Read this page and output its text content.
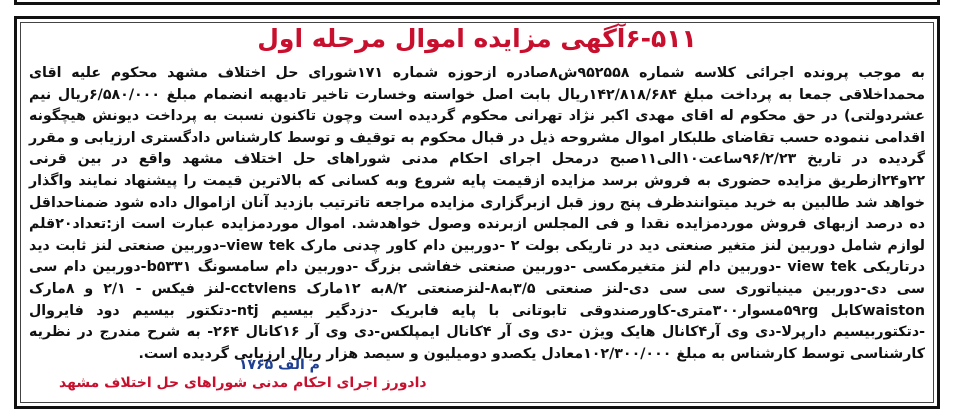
۶-۵۱۱آگهی مزایده اموال مرحله اول

به موجب پرونده اجرائی کلاسه شماره ۹۵۲۵۵۸ش۸صادره ازحوزه شماره ۱۷۱شورای حل اختلاف مشهد محکوم علیه اقای محمداخلاقی جمعا به پرداخت مبلغ ۱۴۲/۸۱۸/۶۸۴ریال بابت اصل خواسته وخسارت تاخیر تادیهبه انضمام مبلغ ۶/۵۸۰/۰۰۰ریال نیم عشردولتی) در حق محکوم له اقای مهدی اکبر نژاد تهرانی محکوم گردیده است وچون تاکنون نسبت به پرداخت دیونش هیچگونه اقدامی ننموده حسب تقاضای طلبکار اموال مشروحه ذیل در قبال محکوم به توقیف و توسط کارشناس دادگستری ارزیابی و مقرر گردیده در تاریخ ۹۶/۲/۲۳ساعت۱۰الی۱۱صبح درمحل اجرای احکام مدنی شوراهای حل اختلاف مشهد واقع در بین قرنی ۲۲و۲۴ازطریق مزایده حضوری به فروش برسد مزایده ازقیمت پایه شروع وبه کسانی که بالاترین قیمت را پیشنهاد نمایند واگذار خواهد شد طالبین به خرید میتوانندظرف پنج روز قبل ازبرگزاری مزایده مراجعه تاترتیب بازدید آنان ازاموال داده شود ضمناحداقل ده درصد ازبهای فروش موردمزایده نقدا و فی المجلس ازبرنده وصول خواهدشد. اموال موردمزایده عبارت است از:تعداد۲۰قلم لوازم شامل دوربین لنز متغیر صنعتی دید در تاریکی بولت ۲ -دوربین دام کاور چدنی مارک view tek–دوربین صنعتی لنز ثابت دید درتاریکی view tek -دوربین دام لنز متغیرمکسی -دوربین صنعتی خفاشی بزرگ -دوربین دام سامسونگ b۵۳۳۱-دوربین دام سی سی دی-دوربین مینیاتوری سی سی دی-لنز صنعتی ۳/۵به۸-لنزصنعتی ۸/۲به ۱۲مارک cctvlens-لنز فیکس - ۲/۱ و ۸مارک waistonکابل ۵۹rgمسوار۳۰۰متری-کاورصندوقی تابوتانی با پایه فابریک -دزدگیر بیسیم ntj-دتکتور بیسیم دود فایروال -دتکتوربیسیم دارپرلا-دی وی آر۴کانال هایک ویژن -دی وی آر ۴کانال ایمپلکس-دی وی آر ۱۶کانال ۲۶۴- به شرح مندرج در نظریه کارشناسی توسط کارشناس به مبلغ ۱۰۲/۳۰۰/۰۰۰معادل یکصدو دومیلیون و سیصد هزار ریال ارزیابی گردیده است.

م الف ۱۷۶۵

دادورز اجرای احکام مدنی شوراهای حل اختلاف مشهد
